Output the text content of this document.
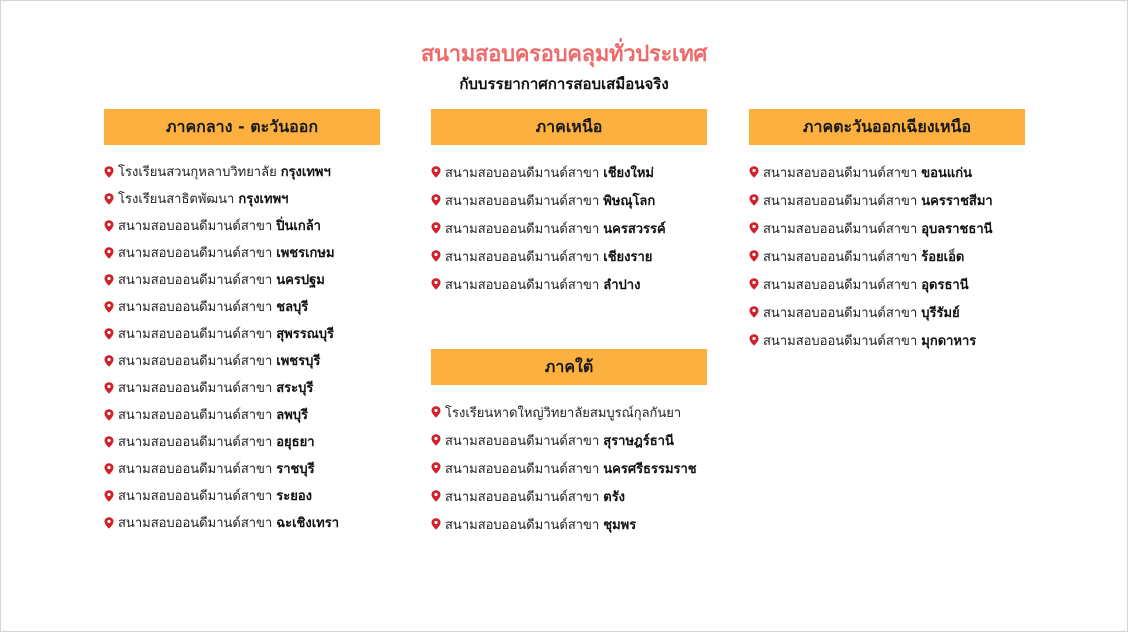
สนามสอบครอบคลุมทั่วประเทศ
กับบรรยากาศการสอบเสมือนจริง
ภาคกลาง - ตะวันออก
โรงเรียนสวนกุหลาบวิทยาลัย กรุงเทพฯ
โรงเรียนสาธิตพัฒนา กรุงเทพฯ
สนามสอบออนดีมานด์สาขา ปิ่นเกล้า
สนามสอบออนดีมานด์สาขา เพชรเกษม
สนามสอบออนดีมานด์สาขา นครปฐม
สนามสอบออนดีมานด์สาขา ชลบุรี
สนามสอบออนดีมานด์สาขา สุพรรณบุรี
สนามสอบออนดีมานด์สาขา เพชรบุรี
สนามสอบออนดีมานด์สาขา สระบุรี
สนามสอบออนดีมานด์สาขา ลพบุรี
สนามสอบออนดีมานด์สาขา อยุธยา
สนามสอบออนดีมานด์สาขา ราชบุรี
สนามสอบออนดีมานด์สาขา ระยอง
สนามสอบออนดีมานด์สาขา ฉะเชิงเทรา
ภาคเหนือ
สนามสอบออนดีมานด์สาขา เชียงใหม่
สนามสอบออนดีมานด์สาขา พิษณุโลก
สนามสอบออนดีมานด์สาขา นครสวรรค์
สนามสอบออนดีมานด์สาขา เชียงราย
สนามสอบออนดีมานด์สาขา ลำปาง
ภาคใต้
โรงเรียนหาดใหญ่วิทยาลัยสมบูรณ์กุลกันยา
สนามสอบออนดีมานด์สาขา สุราษฎร์ธานี
สนามสอบออนดีมานด์สาขา นครศรีธรรมราช
สนามสอบออนดีมานด์สาขา ตรัง
สนามสอบออนดีมานด์สาขา ชุมพร
ภาคตะวันออกเฉียงเหนือ
สนามสอบออนดีมานด์สาขา ขอนแก่น
สนามสอบออนดีมานด์สาขา นครราชสีมา
สนามสอบออนดีมานด์สาขา อุบลราชธานี
สนามสอบออนดีมานด์สาขา ร้อยเอ็ด
สนามสอบออนดีมานด์สาขา อุดรธานี
สนามสอบออนดีมานด์สาขา บุรีรัมย์
สนามสอบออนดีมานด์สาขา มุกดาหาร
